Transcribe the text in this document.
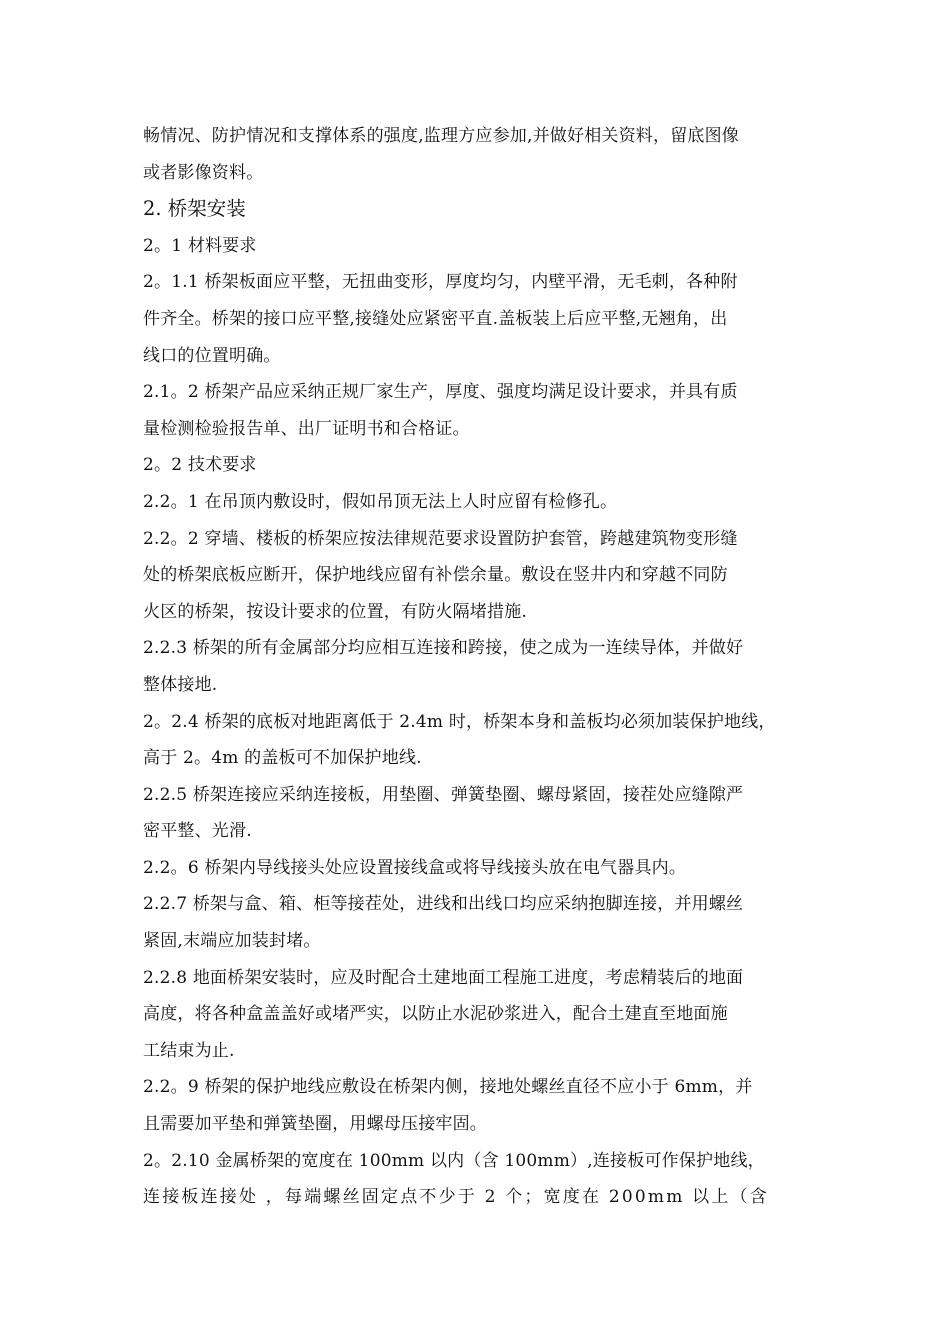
畅情况、防护情况和支撑体系的强度,监理方应参加,并做好相关资料，留底图像
或者影像资料。
2. 桥架安装
2。1 材料要求
2。1.1 桥架板面应平整，无扭曲变形，厚度均匀，内壁平滑，无毛刺，各种附
件齐全。桥架的接口应平整,接缝处应紧密平直.盖板装上后应平整,无翘角，出
线口的位置明确。
2.1。2 桥架产品应采纳正规厂家生产，厚度、强度均满足设计要求，并具有质
量检测检验报告单、出厂证明书和合格证。
2。2 技术要求
2.2。1 在吊顶内敷设时，假如吊顶无法上人时应留有检修孔。
2.2。2 穿墙、楼板的桥架应按法律规范要求设置防护套管，跨越建筑物变形缝
处的桥架底板应断开，保护地线应留有补偿余量。敷设在竖井内和穿越不同防
火区的桥架，按设计要求的位置，有防火隔堵措施.
2.2.3 桥架的所有金属部分均应相互连接和跨接，使之成为一连续导体，并做好
整体接地.
2。2.4 桥架的底板对地距离低于 2.4m 时，桥架本身和盖板均必须加装保护地线，
高于 2。4m 的盖板可不加保护地线.
2.2.5 桥架连接应采纳连接板，用垫圈、弹簧垫圈、螺母紧固，接茬处应缝隙严
密平整、光滑.
2.2。6 桥架内导线接头处应设置接线盒或将导线接头放在电气器具内。
2.2.7 桥架与盒、箱、柜等接茬处，进线和出线口均应采纳抱脚连接，并用螺丝
紧固,末端应加装封堵。
2.2.8 地面桥架安装时，应及时配合土建地面工程施工进度，考虑精装后的地面
高度，将各种盒盖盖好或堵严实，以防止水泥砂浆进入，配合土建直至地面施
工结束为止.
2.2。9 桥架的保护地线应敷设在桥架内侧，接地处螺丝直径不应小于 6mm，并
且需要加平垫和弹簧垫圈，用螺母压接牢固。
2。2.10 金属桥架的宽度在 100mm 以内（含 100mm）,连接板可作保护地线，
连接板连接处 ，每端螺丝固定点不少于 2 个；宽度在 200mm 以上（含
